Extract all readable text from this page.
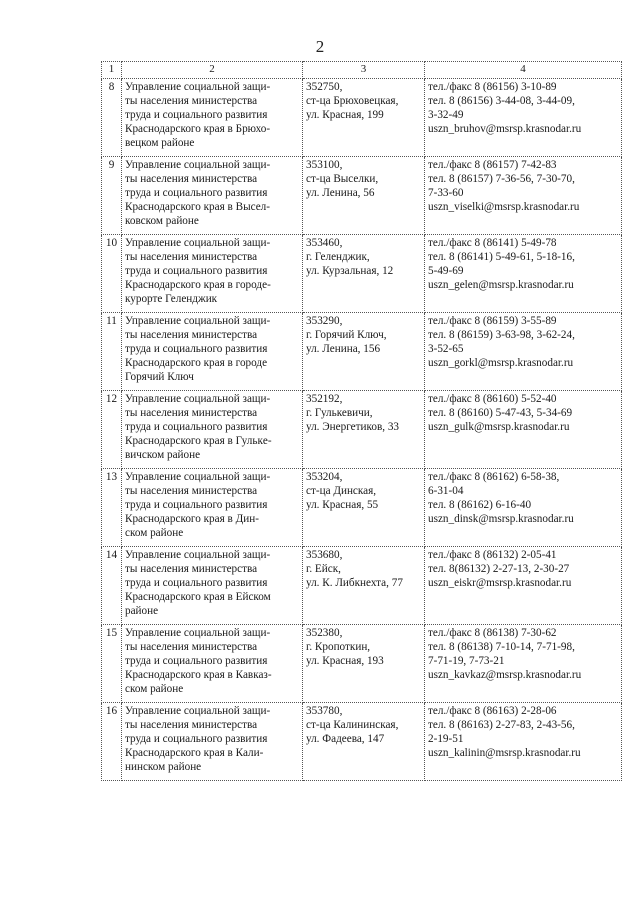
2
1	2	3	4
8	Управление социальной защи-
ты населения министерства
труда и социального развития
Краснодарского края в Брюхо-
вецком районе	352750,
ст-ца Брюховецкая,
ул. Красная, 199	тел./факс 8 (86156) 3-10-89
тел. 8 (86156) 3-44-08, 3-44-09,
3-32-49
uszn_bruhov@msrsp.krasnodar.ru

9	Управление социальной защи-
ты населения министерства
труда и социального развития
Краснодарского края в Высел-
ковском районе	353100,
ст-ца Выселки,
ул. Ленина, 56	тел./факс 8 (86157) 7-42-83
тел. 8 (86157) 7-36-56, 7-30-70,
7-33-60
uszn_viselki@msrsp.krasnodar.ru

10	Управление социальной защи-
ты населения министерства
труда и социального развития
Краснодарского края в городе-
курорте Геленджик	353460,
г. Геленджик,
ул. Курзальная, 12	тел./факс 8 (86141) 5-49-78
тел. 8 (86141) 5-49-61, 5-18-16,
5-49-69
uszn_gelen@msrsp.krasnodar.ru

11	Управление социальной защи-
ты населения министерства
труда и социального развития
Краснодарского края в городе
Горячий Ключ	353290,
г. Горячий Ключ,
ул. Ленина, 156	тел./факс 8 (86159) 3-55-89
тел. 8 (86159) 3-63-98, 3-62-24,
3-52-65
uszn_gorkl@msrsp.krasnodar.ru

12	Управление социальной защи-
ты населения министерства
труда и социального развития
Краснодарского края в Гулькe-
вичском районе	352192,
г. Гулькевичи,
ул. Энергетиков, 33	тел./факс 8 (86160) 5-52-40
тел. 8 (86160) 5-47-43, 5-34-69
uszn_gulk@msrsp.krasnodar.ru

13	Управление социальной защи-
ты населения министерства
труда и социального развития
Краснодарского края в Дин-
ском районе	353204,
ст-ца Динская,
ул. Красная, 55	тел./факс 8 (86162) 6-58-38,
6-31-04
тел. 8 (86162) 6-16-40
uszn_dinsk@msrsp.krasnodar.ru

14	Управление социальной защи-
ты населения министерства
труда и социального развития
Краснодарского края в Ейском
районе	353680,
г. Ейск,
ул. К. Либкнехта, 77	тел./факс 8 (86132) 2-05-41
тел. 8(86132) 2-27-13, 2-30-27
uszn_eiskr@msrsp.krasnodar.ru

15	Управление социальной защи-
ты населения министерства
труда и социального развития
Краснодарского края в Кавказ-
ском районе	352380,
г. Кропоткин,
ул. Красная, 193	тел./факс 8 (86138) 7-30-62
тел. 8 (86138) 7-10-14, 7-71-98,
7-71-19, 7-73-21
uszn_kavkaz@msrsp.krasnodar.ru

16	Управление социальной защи-
ты населения министерства
труда и социального развития
Краснодарского края в Кали-
нинском районе	353780,
ст-ца Калининская,
ул. Фадеева, 147	тел./факс 8 (86163) 2-28-06
тел. 8 (86163) 2-27-83, 2-43-56,
2-19-51
uszn_kalinin@msrsp.krasnodar.ru
